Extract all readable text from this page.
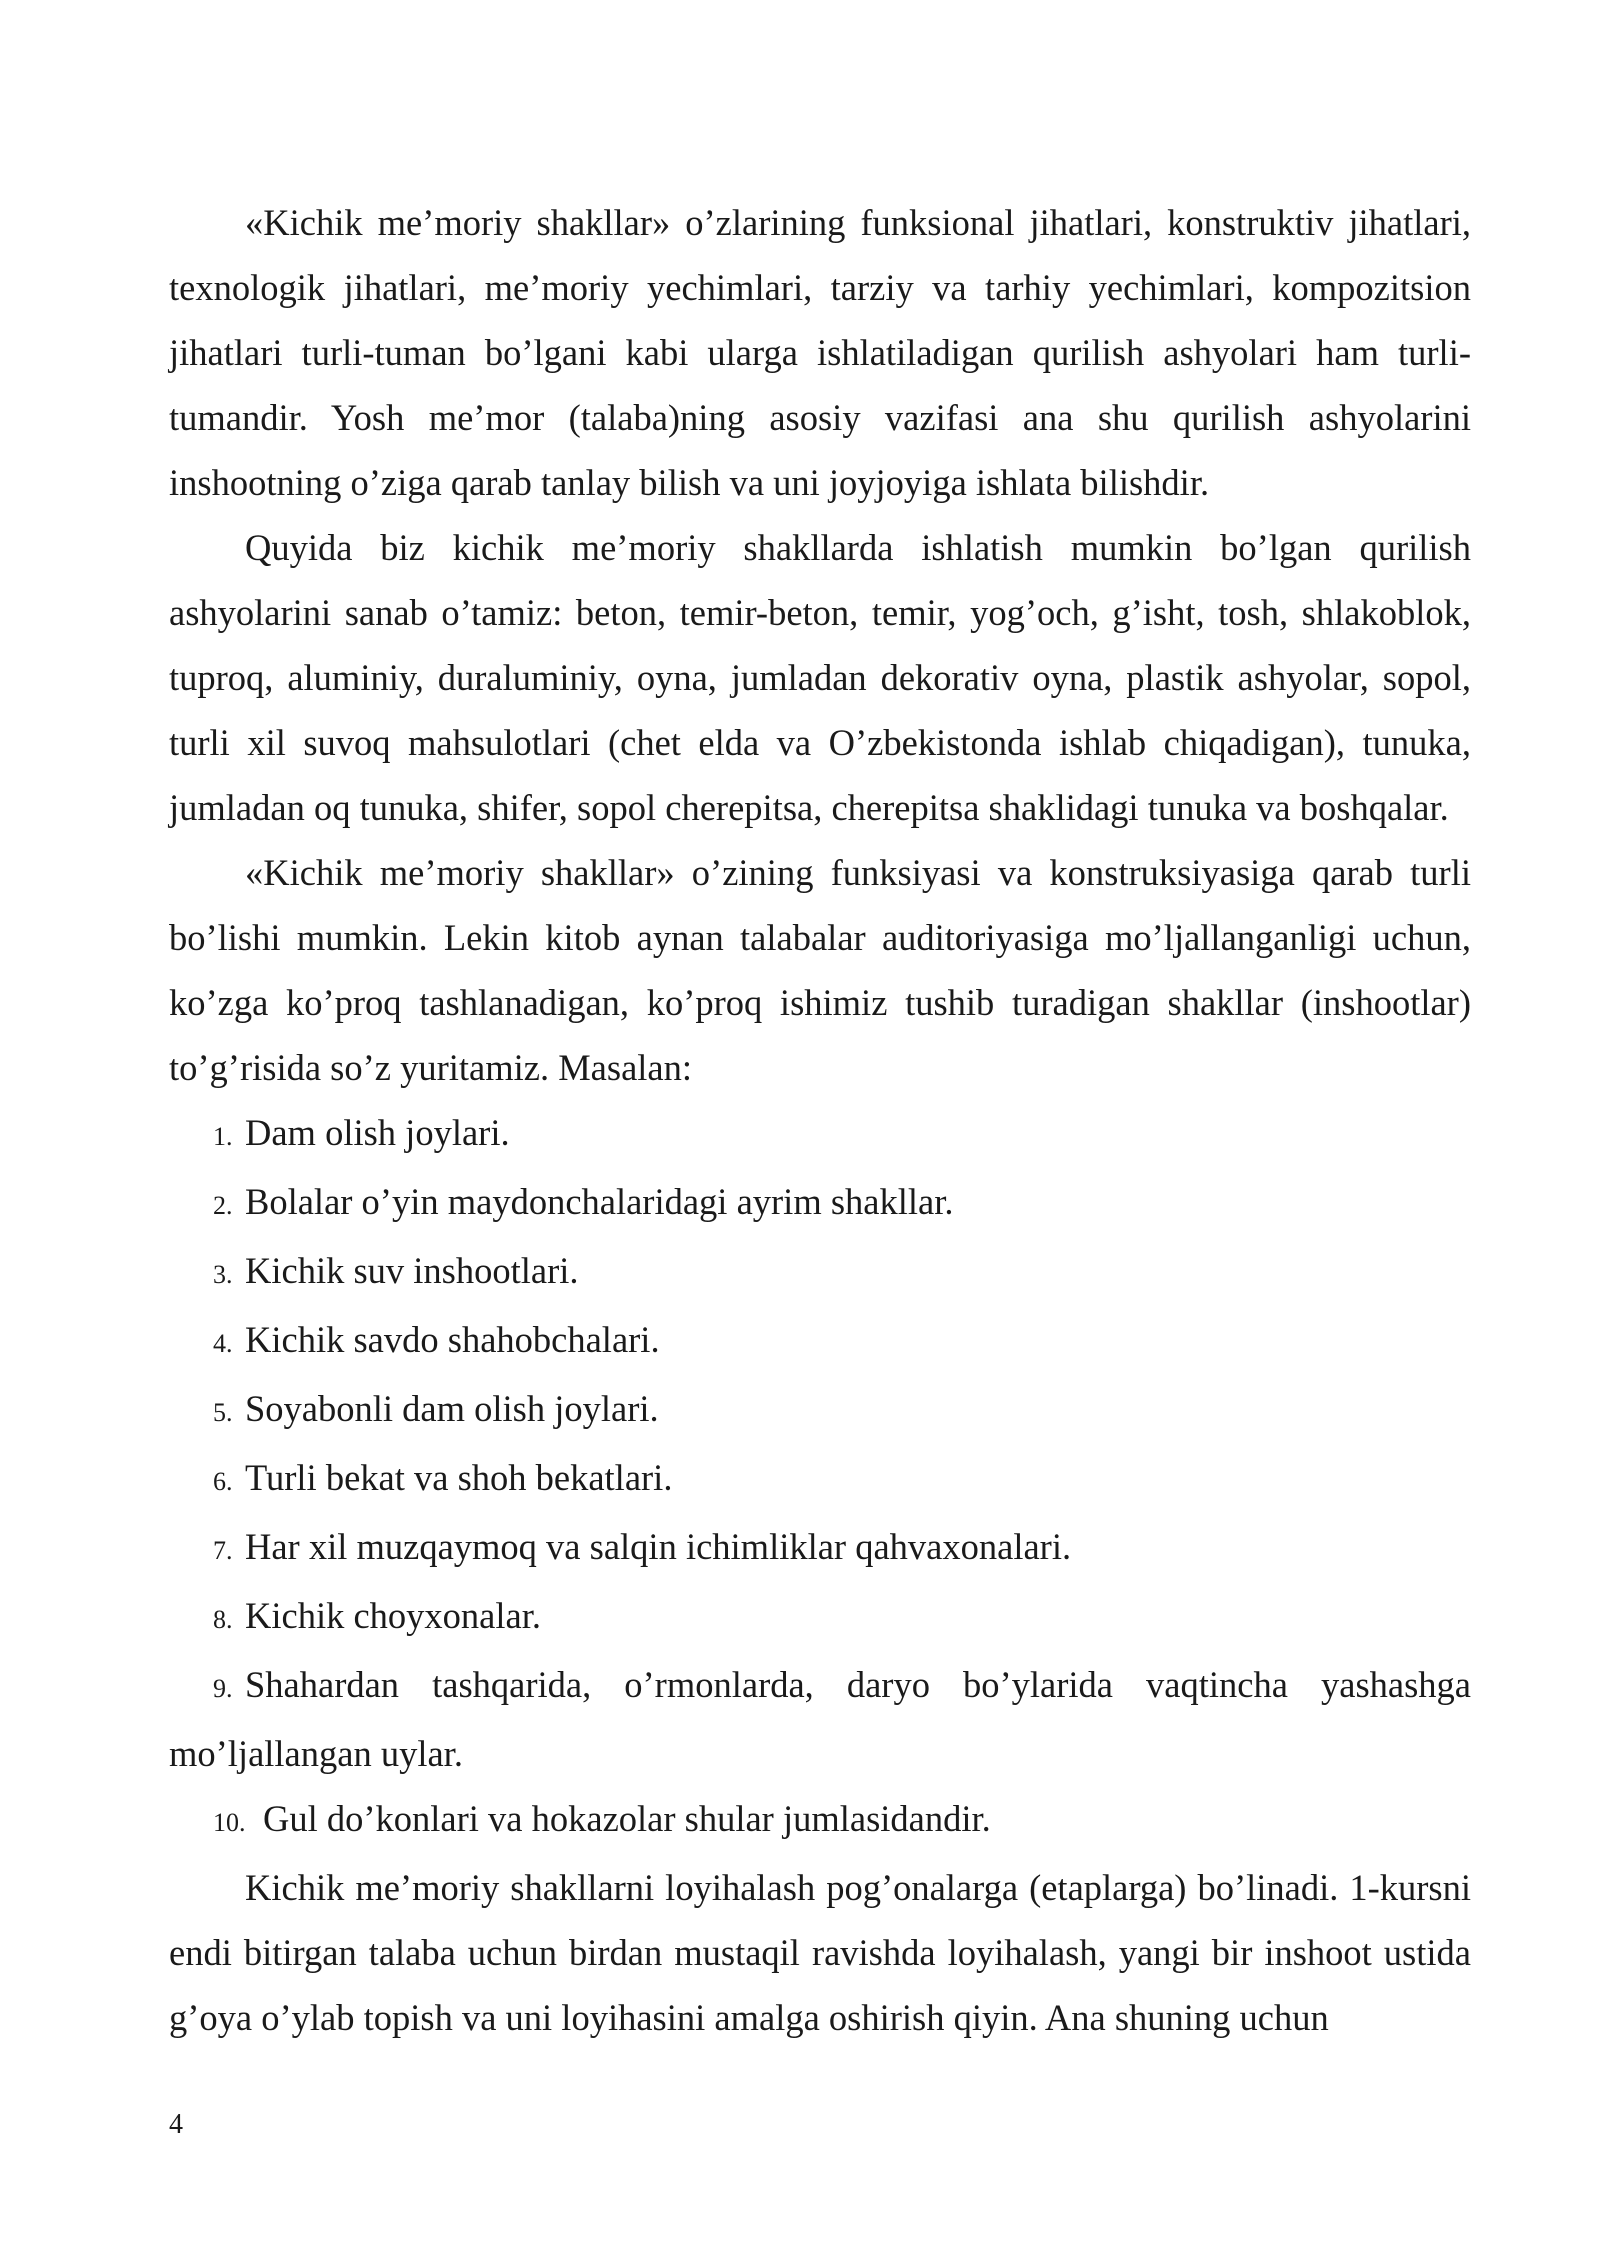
«Kichik me’moriy shakllar» o’zlarining funksional jihatlari, konstruktiv jihatlari, texnologik jihatlari, me’moriy yechimlari, tarziy va tarhiy yechimlari, kompozitsion jihatlari turli-tuman bo’lgani kabi ularga ishlatiladigan qurilish ashyolari ham turli-tumandir. Yosh me’mor (talaba)ning asosiy vazifasi ana shu qurilish ashyolarini inshootning o’ziga qarab tanlay bilish va uni joyjoyiga ishlata bilishdir.

Quyida biz kichik me’moriy shakllarda ishlatish mumkin bo’lgan qurilish ashyolarini sanab o’tamiz: beton, temir-beton, temir, yog’och, g’isht, tosh, shlakoblok, tuproq, aluminiy, duraluminiy, oyna, jumladan dekorativ oyna, plastik ashyolar, sopol, turli xil suvoq mahsulotlari (chet elda va O’zbekistonda ishlab chiqadigan), tunuka, jumladan oq tunuka, shifer, sopol cherepitsa, cherepitsa shaklidagi tunuka va boshqalar.

«Kichik me’moriy shakllar» o’zining funksiyasi va konstruksiyasiga qarab turli bo’lishi mumkin. Lekin kitob aynan talabalar auditoriyasiga mo’ljallanganligi uchun, ko’zga ko’proq tashlanadigan, ko’proq ishimiz tushib turadigan shakllar (inshootlar) to’g’risida so’z yuritamiz. Masalan:

1. Dam olish joylari.
2. Bolalar o’yin maydonchalaridagi ayrim shakllar.
3. Kichik suv inshootlari.
4. Kichik savdo shahobchalari.
5. Soyabonli dam olish joylari.
6. Turli bekat va shoh bekatlari.
7. Har xil muzqaymoq va salqin ichimliklar qahvaxonalari.
8. Kichik choyxonalar.
9. Shahardan tashqarida, o’rmonlarda, daryo bo’ylarida vaqtincha yashashga mo’ljallangan uylar.
10. Gul do’konlari va hokazolar shular jumlasidandir.

Kichik me’moriy shakllarni loyihalash pog’onalarga (etaplarga) bo’linadi. 1-kursni endi bitirgan talaba uchun birdan mustaqil ravishda loyihalash, yangi bir inshoot ustida g’oya o’ylab topish va uni loyihasini amalga oshirish qiyin. Ana shuning uchun

4
